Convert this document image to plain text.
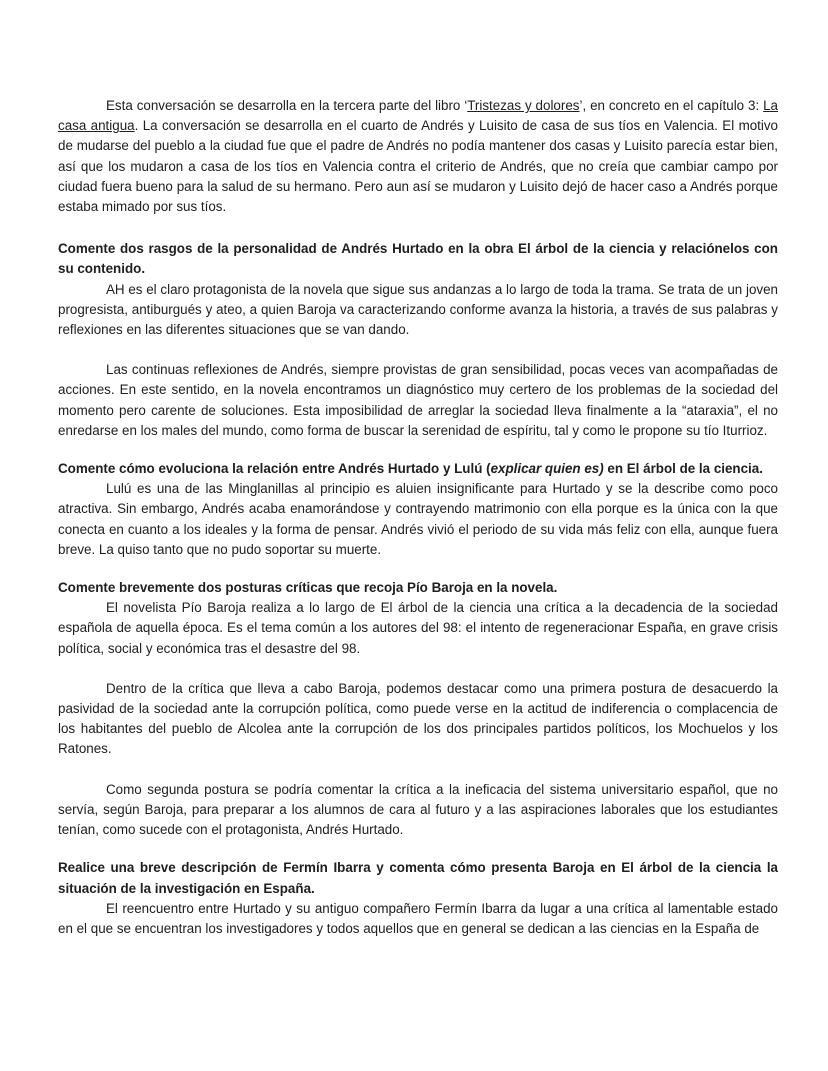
Esta conversación se desarrolla en la tercera parte del libro ‘Tristezas y dolores’, en concreto en el capítulo 3: La casa antigua. La conversación se desarrolla en el cuarto de Andrés y Luisito de casa de sus tíos en Valencia. El motivo de mudarse del pueblo a la ciudad fue que el padre de Andrés no podía mantener dos casas y Luisito parecía estar bien, así que los mudaron a casa de los tíos en Valencia contra el criterio de Andrés, que no creía que cambiar campo por ciudad fuera bueno para la salud de su hermano. Pero aun así se mudaron y Luisito dejó de hacer caso a Andrés porque estaba mimado por sus tíos.

Comente dos rasgos de la personalidad de Andrés Hurtado en la obra El árbol de la ciencia y relaciónelos con su contenido.

AH es el claro protagonista de la novela que sigue sus andanzas a lo largo de toda la trama. Se trata de un joven progresista, antiburgués y ateo, a quien Baroja va caracterizando conforme avanza la historia, a través de sus palabras y reflexiones en las diferentes situaciones que se van dando.

Las continuas reflexiones de Andrés, siempre provistas de gran sensibilidad, pocas veces van acompañadas de acciones. En este sentido, en la novela encontramos un diagnóstico muy certero de los problemas de la sociedad del momento pero carente de soluciones. Esta imposibilidad de arreglar la sociedad lleva finalmente a la “ataraxia”, el no enredarse en los males del mundo, como forma de buscar la serenidad de espíritu, tal y como le propone su tío Iturrioz.

Comente cómo evoluciona la relación entre Andrés Hurtado y Lulú (explicar quien es) en El árbol de la ciencia.

Lulú es una de las Minglanillas al principio es aluien insignificante para Hurtado y se la describe como poco atractiva. Sin embargo, Andrés acaba enamorándose y contrayendo matrimonio con ella porque es la única con la que conecta en cuanto a los ideales y la forma de pensar. Andrés vivió el periodo de su vida más feliz con ella, aunque fuera breve. La quiso tanto que no pudo soportar su muerte.

Comente brevemente dos posturas críticas que recoja Pío Baroja en la novela.

El novelista Pío Baroja realiza a lo largo de El árbol de la ciencia una crítica a la decadencia de la sociedad española de aquella época. Es el tema común a los autores del 98: el intento de regeneracionar España, en grave crisis política, social y económica tras el desastre del 98.

Dentro de la crítica que lleva a cabo Baroja, podemos destacar como una primera postura de desacuerdo la pasividad de la sociedad ante la corrupción política, como puede verse en la actitud de indiferencia o complacencia de los habitantes del pueblo de Alcolea ante la corrupción de los dos principales partidos políticos, los Mochuelos y los Ratones.

Como segunda postura se podría comentar la crítica a la ineficacia del sistema universitario español, que no servía, según Baroja, para preparar a los alumnos de cara al futuro y a las aspiraciones laborales que los estudiantes tenían, como sucede con el protagonista, Andrés Hurtado.

Realice una breve descripción de Fermín Ibarra y comenta cómo presenta Baroja en El árbol de la ciencia la situación de la investigación en España.

El reencuentro entre Hurtado y su antiguo compañero Fermín Ibarra da lugar a una crítica al lamentable estado en el que se encuentran los investigadores y todos aquellos que en general se dedican a las ciencias en la España de
